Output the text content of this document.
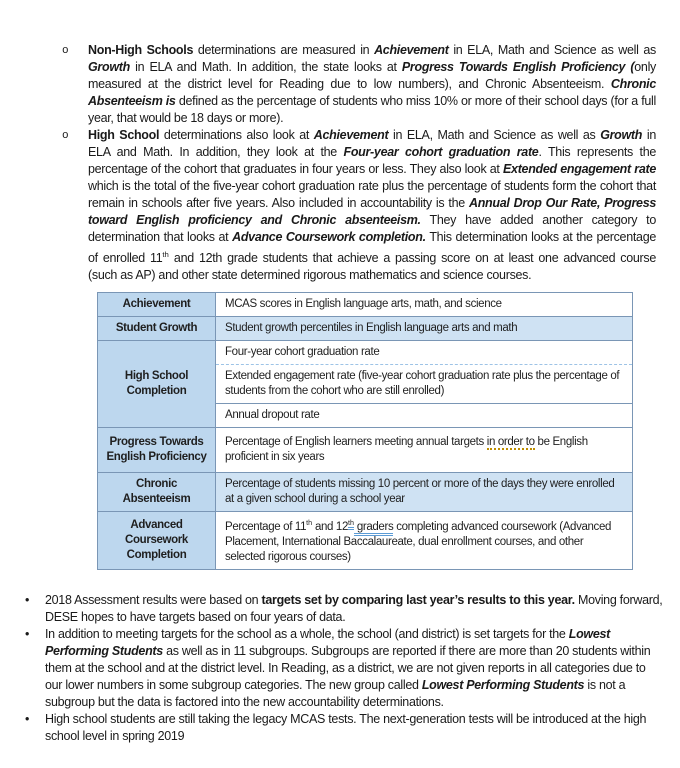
o Non-High Schools determinations are measured in Achievement in ELA, Math and Science as well as Growth in ELA and Math. In addition, the state looks at Progress Towards English Proficiency (only measured at the district level for Reading due to low numbers), and Chronic Absenteeism. Chronic Absenteeism is defined as the percentage of students who miss 10% or more of their school days (for a full year, that would be 18 days or more).
o High School determinations also look at Achievement in ELA, Math and Science as well as Growth in ELA and Math. In addition, they look at the Four-year cohort graduation rate. This represents the percentage of the cohort that graduates in four years or less. They also look at Extended engagement rate which is the total of the five-year cohort graduation rate plus the percentage of students form the cohort that remain in schools after five years. Also included in accountability is the Annual Drop Our Rate, Progress toward English proficiency and Chronic absenteeism. They have added another category to determination that looks at Advance Coursework completion. This determination looks at the percentage of enrolled 11th and 12th grade students that achieve a passing score on at least one advanced course (such as AP) and other state determined rigorous mathematics and science courses.
Achievement	MCAS scores in English language arts, math, and science
Student Growth	Student growth percentiles in English language arts and math
High School Completion	Four-year cohort graduation rate
	Extended engagement rate (five-year cohort graduation rate plus the percentage of students from the cohort who are still enrolled)
	Annual dropout rate
Progress Towards English Proficiency	Percentage of English learners meeting annual targets in order to be English proficient in six years
Chronic Absenteeism	Percentage of students missing 10 percent or more of the days they were enrolled at a given school during a school year
Advanced Coursework Completion	Percentage of 11th and 12th graders completing advanced coursework (Advanced Placement, International Baccalaureate, dual enrollment courses, and other selected rigorous courses)
• 2018 Assessment results were based on targets set by comparing last year’s results to this year. Moving forward, DESE hopes to have targets based on four years of data.
• In addition to meeting targets for the school as a whole, the school (and district) is set targets for the Lowest Performing Students as well as in 11 subgroups. Subgroups are reported if there are more than 20 students within them at the school and at the district level. In Reading, as a district, we are not given reports in all categories due to our lower numbers in some subgroup categories. The new group called Lowest Performing Students is not a subgroup but the data is factored into the new accountability determinations.
• High school students are still taking the legacy MCAS tests. The next-generation tests will be introduced at the high school level in spring 2019
